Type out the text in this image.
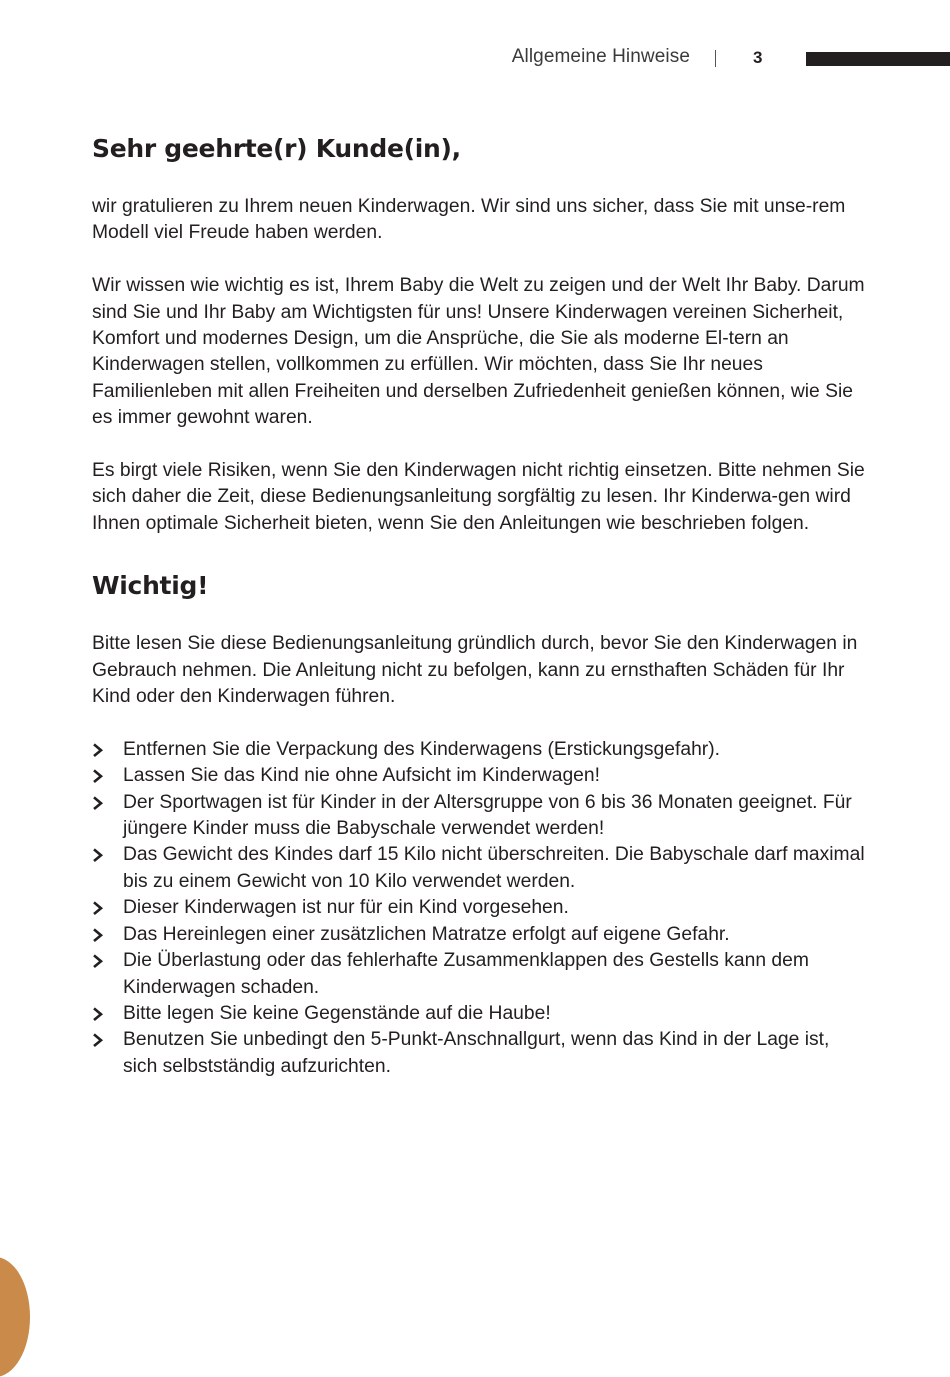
Allgemeine Hinweise	3
Sehr geehrte(r) Kunde(in),

wir gratulieren zu Ihrem neuen Kinderwagen. Wir sind uns sicher, dass Sie mit unse-rem Modell viel Freude haben werden.

Wir wissen wie wichtig es ist, Ihrem Baby die Welt zu zeigen und der Welt Ihr Baby. Darum sind Sie und Ihr Baby am Wichtigsten für uns! Unsere Kinderwagen vereinen Sicherheit, Komfort und modernes Design, um die Ansprüche, die Sie als moderne El-tern an Kinderwagen stellen, vollkommen zu erfüllen. Wir möchten, dass Sie Ihr neues Familienleben mit allen Freiheiten und derselben Zufriedenheit genießen können, wie Sie es immer gewohnt waren.

Es birgt viele Risiken, wenn Sie den Kinderwagen nicht richtig einsetzen. Bitte nehmen Sie sich daher die Zeit, diese Bedienungsanleitung sorgfältig zu lesen. Ihr Kinderwa-gen wird Ihnen optimale Sicherheit bieten, wenn Sie den Anleitungen wie beschrieben folgen.

Wichtig!

Bitte lesen Sie diese Bedienungsanleitung gründlich durch, bevor Sie den Kinderwagen in Gebrauch nehmen. Die Anleitung nicht zu befolgen, kann zu ernsthaften Schäden für Ihr Kind oder den Kinderwagen führen.

Entfernen Sie die Verpackung des Kinderwagens (Erstickungsgefahr).
Lassen Sie das Kind nie ohne Aufsicht im Kinderwagen!
Der Sportwagen ist für Kinder in der Altersgruppe von 6 bis 36 Monaten geeignet. Für jüngere Kinder muss die Babyschale verwendet werden!
Das Gewicht des Kindes darf 15 Kilo nicht überschreiten. Die Babyschale darf maximal bis zu einem Gewicht von 10 Kilo verwendet werden.
Dieser Kinderwagen ist nur für ein Kind vorgesehen.
Das Hereinlegen einer zusätzlichen Matratze erfolgt auf eigene Gefahr.
Die Überlastung oder das fehlerhafte Zusammenklappen des Gestells kann dem Kinderwagen schaden.
Bitte legen Sie keine Gegenstände auf die Haube!
Benutzen Sie unbedingt den 5-Punkt-Anschnallgurt, wenn das Kind in der Lage ist, sich selbstständig aufzurichten.
